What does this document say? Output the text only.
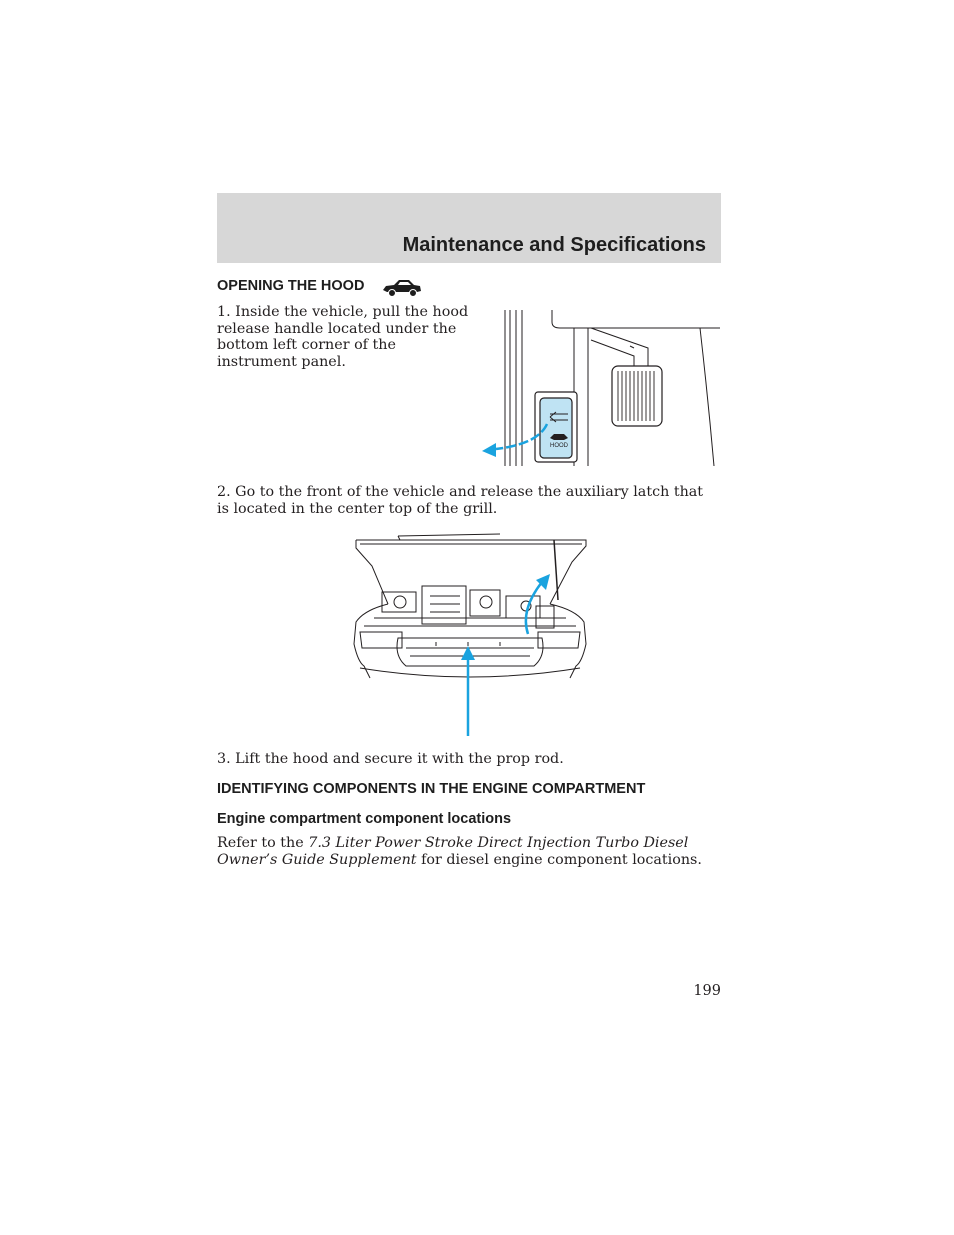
Maintenance and Specifications
OPENING THE HOOD
1. Inside the vehicle, pull the hood release handle located under the bottom left corner of the instrument panel.
HOOD
2. Go to the front of the vehicle and release the auxiliary latch that is located in the center top of the grill.
3. Lift the hood and secure it with the prop rod.
IDENTIFYING COMPONENTS IN THE ENGINE COMPARTMENT
Engine compartment component locations
Refer to the 7.3 Liter Power Stroke Direct Injection Turbo Diesel Owner’s Guide Supplement for diesel engine component locations.
199
